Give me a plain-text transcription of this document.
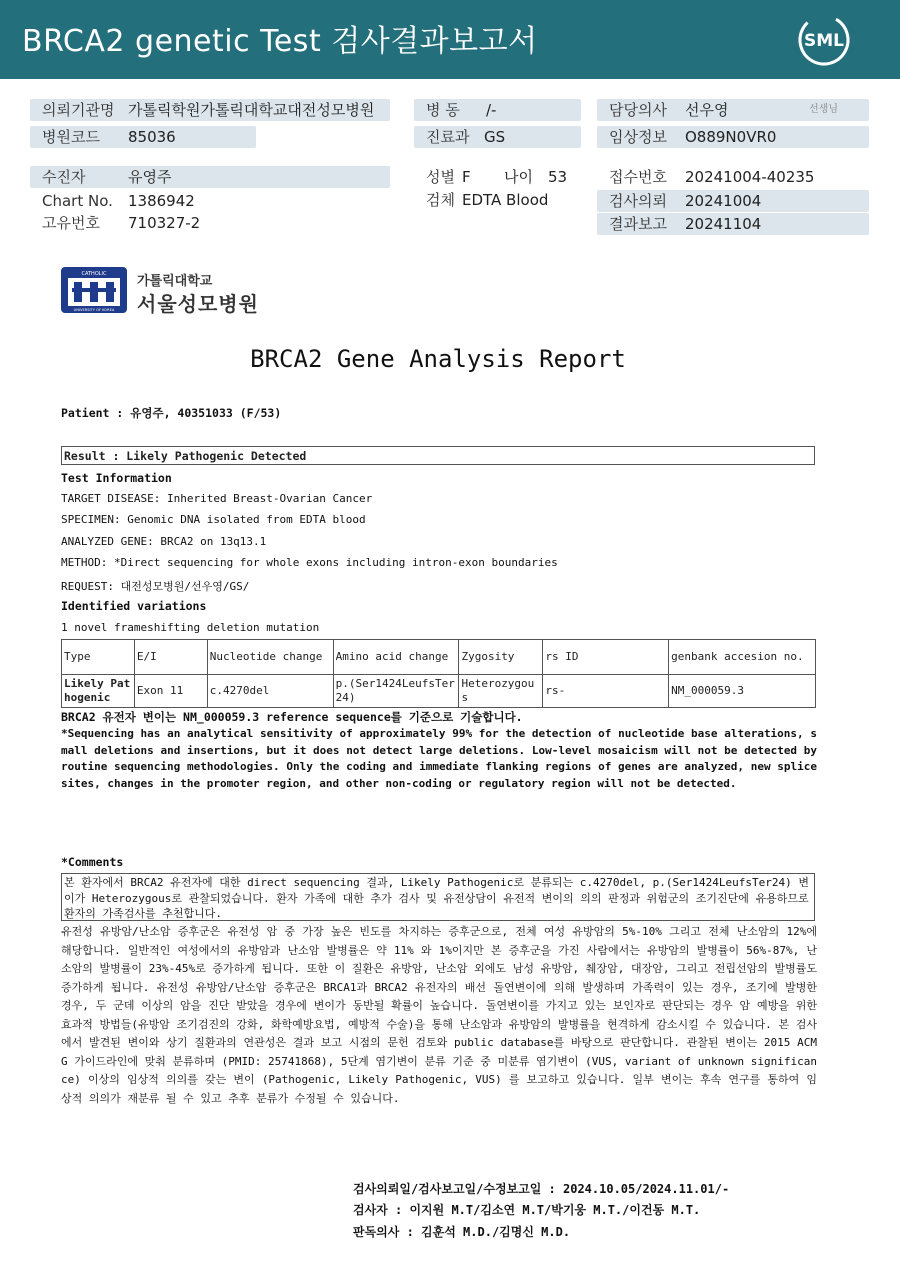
BRCA2 genetic Test 검사결과보고서	SML
의뢰기관명 가톨릭학원가톨릭대학교대전성모병원
병원코드 85036
수진자	유영주
Chart No. 1386942
고유번호 710327-2
병 동 /-
진료과 GS
성별 F 나이 53
검체 EDTA Blood
담당의사 선우영	선생님
임상정보 O889N0VR0
접수번호 20241004-40235
검사의뢰 20241004
결과보고 20241104
CATHOLIC
UNIVERSITY OF KOREA
가톨릭대학교
서울성모병원
BRCA2 Gene Analysis Report
Patient : 유영주, 40351033 (F/53)
Result : Likely Pathogenic Detected
Test Information
TARGET DISEASE: Inherited Breast-Ovarian Cancer
SPECIMEN: Genomic DNA isolated from EDTA blood
ANALYZED GENE: BRCA2 on 13q13.1
METHOD: *Direct sequencing for whole exons including intron-exon boundaries
REQUEST: 대전성모병원/선우영/GS/
Identified variations
1 novel frameshifting deletion mutation
Type	E/I	Nucleotide change	Amino acid change	Zygosity	rs ID	genbank accesion no.
Likely Pathogenic	Exon 11	c.4270del	p.(Ser1424LeufsTer24)	Heterozygous	rs-	NM_000059.3
BRCA2 유전자 변이는 NM_000059.3 reference sequence를 기준으로 기술합니다.
*Sequencing has an analytical sensitivity of approximately 99% for the detection of nucleotide base alterations, small deletions and insertions, but it does not detect large deletions. Low-level mosaicism will not be detected by routine sequencing methodologies. Only the coding and immediate flanking regions of genes are analyzed, new splice sites, changes in the promoter region, and other non-coding or regulatory region will not be detected.
*Comments
본 환자에서 BRCA2 유전자에 대한 direct sequencing 결과, Likely Pathogenic로 분류되는 c.4270del, p.(Ser1424LeufsTer24) 변이가 Heterozygous로 관찰되었습니다. 환자 가족에 대한 추가 검사 및 유전상담이 유전적 변이의 의의 판정과 위험군의 조기진단에 유용하므로 환자의 가족검사를 추천합니다.
유전성 유방암/난소암 증후군은 유전성 암 중 가장 높은 빈도를 차지하는 증후군으로, 전체 여성 유방암의 5%-10% 그리고 전체 난소암의 12%에 해당합니다. 일반적인 여성에서의 유방암과 난소암 발병률은 약 11% 와 1%이지만 본 증후군을 가진 사람에서는 유방암의 발병률이 56%-87%, 난소암의 발병률이 23%-45%로 증가하게 됩니다. 또한 이 질환은 유방암, 난소암 외에도 남성 유방암, 췌장암, 대장암, 그리고 전립선암의 발병률도 증가하게 됩니다. 유전성 유방암/난소암 증후군은 BRCA1과 BRCA2 유전자의 배선 돌연변이에 의해 발생하며 가족력이 있는 경우, 조기에 발병한 경우, 두 군데 이상의 암을 진단 받았을 경우에 변이가 동반될 확률이 높습니다. 돌연변이를 가지고 있는 보인자로 판단되는 경우 암 예방을 위한 효과적 방법들(유방암 조기검진의 강화, 화학예방요법, 예방적 수술)을 통해 난소암과 유방암의 발병률을 현격하게 감소시킬 수 있습니다. 본 검사에서 발견된 변이와 상기 질환과의 연관성은 결과 보고 시점의 문헌 검토와 public database를 바탕으로 판단합니다. 관찰된 변이는 2015 ACMG 가이드라인에 맞춰 분류하며 (PMID: 25741868), 5단계 염기변이 분류 기준 중 미분류 염기변이 (VUS, variant of unknown significance) 이상의 임상적 의의를 갖는 변이 (Pathogenic, Likely Pathogenic, VUS) 를 보고하고 있습니다. 일부 변이는 후속 연구를 통하여 임상적 의의가 재분류 될 수 있고 추후 분류가 수정될 수 있습니다.
검사의뢰일/검사보고일/수정보고일 : 2024.10.05/2024.11.01/-
검사자 : 이지원 M.T/김소연 M.T/박기웅 M.T./이건동 M.T.
판독의사 : 김훈석 M.D./김명신 M.D.
